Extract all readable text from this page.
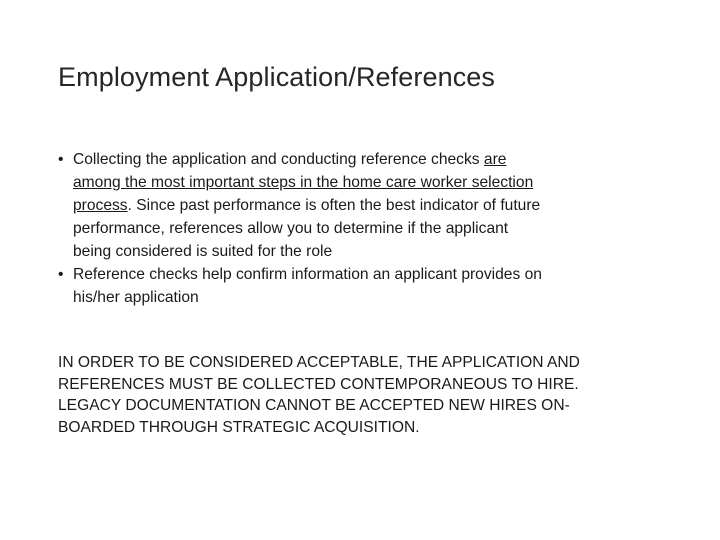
Employment Application/References
• Collecting the application and conducting reference checks are
among the most important steps in the home care worker selection
process. Since past performance is often the best indicator of future
performance, references allow you to determine if the applicant
being considered is suited for the role
• Reference checks help confirm information an applicant provides on
his/her application

IN ORDER TO BE CONSIDERED ACCEPTABLE, THE APPLICATION AND
REFERENCES MUST BE COLLECTED CONTEMPORANEOUS TO HIRE.
LEGACY DOCUMENTATION CANNOT BE ACCEPTED NEW HIRES ON-
BOARDED THROUGH STRATEGIC ACQUISITION.
